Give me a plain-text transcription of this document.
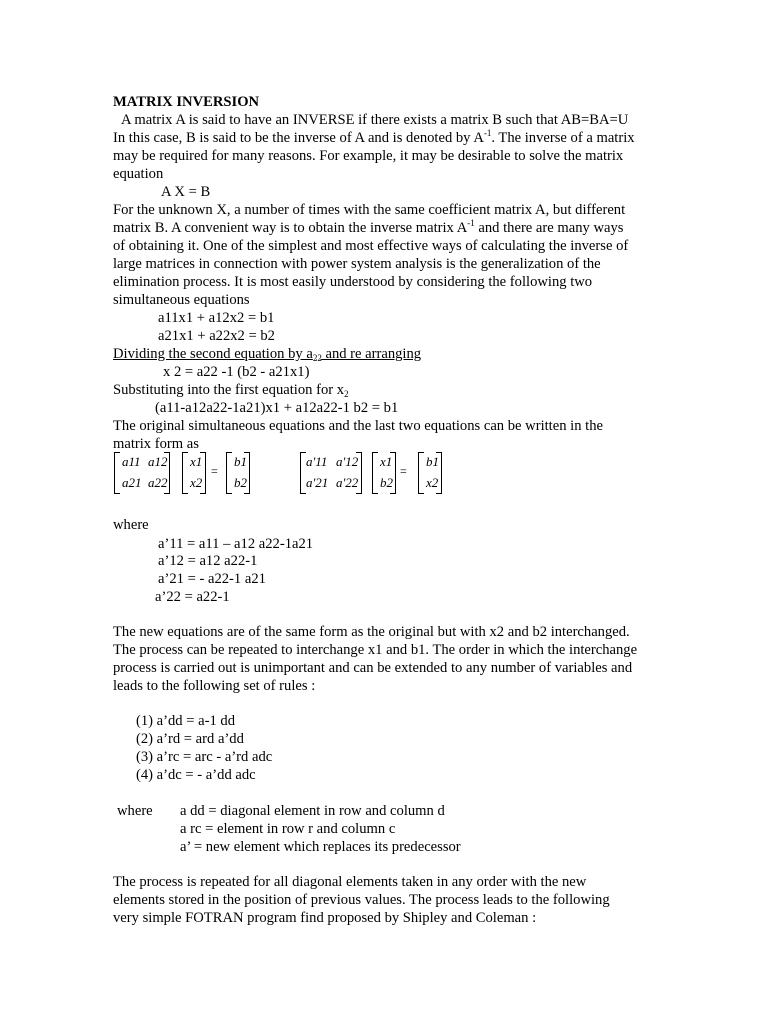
MATRIX INVERSION
A matrix A is said to have an INVERSE if there exists a matrix B such that AB=BA=U
In this case, B is said to be the inverse of A and is denoted by $A^{-1}$. The inverse of a matrix
may be required for many reasons. For example, it may be desirable to solve the matrix
equation
A X = B
For the unknown X, a number of times with the same coefficient matrix A, but different
matrix B. A convenient way is to obtain the inverse matrix $A^{-1}$ and there are many ways
of obtaining it. One of the simplest and most effective ways of calculating the inverse of
large matrices in connection with power system analysis is the generalization of the
elimination process. It is most easily understood by considering the following two
simultaneous equations
a11x1 + a12x2 = b1
a21x1 + a22x2 = b2
Dividing the second equation by $a_{22}$ and re arranging
x 2 = a22 -1 (b2 - a21x1)
Substituting into the first equation for $x_2$
(a11-a12a22-1a21)x1 + a12a22-1 b2 = b1
The original simultaneous equations and the last two equations can be written in the
matrix form as
a11 a12
a21 a22
x1
x2
=
b1
b2
a'11 a'12
a'21 a'22
x1
b2
=
b1
x2
where
a’11 = a11 – a12 a22-1a21
a’12 = a12 a22-1
a’21 = - a22-1 a21
a’22 = a22-1
The new equations are of the same form as the original but with x2 and b2 interchanged.
The process can be repeated to interchange x1 and b1. The order in which the interchange
process is carried out is unimportant and can be extended to any number of variables and
leads to the following set of rules :
(1) a’dd = a-1 dd
(2) a’rd = ard a’dd
(3) a’rc = arc - a’rd adc
(4) a’dc = - a’dd adc
where a dd = diagonal element in row and column d
a rc = element in row r and column c
a’ = new element which replaces its predecessor
The process is repeated for all diagonal elements taken in any order with the new
elements stored in the position of previous values. The process leads to the following
very simple FOTRAN program find proposed by Shipley and Coleman :
